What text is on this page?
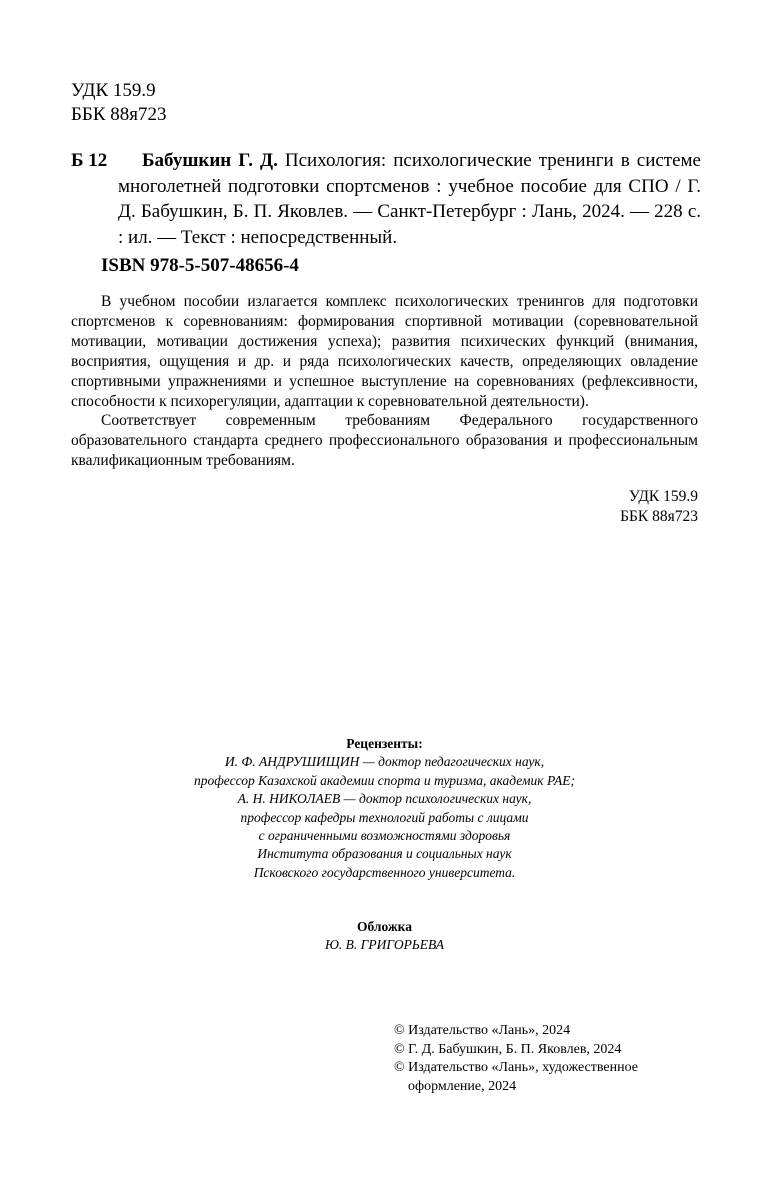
УДК 159.9
ББК 88я723
Б 12	Бабушкин Г. Д. Психология: психологические тренинги в системе многолетней подготовки спортсменов : учебное пособие для СПО / Г. Д. Бабушкин, Б. П. Яковлев. — Санкт-Петербург : Лань, 2024. — 228 с. : ил. — Текст : непосредственный.
ISBN 978-5-507-48656-4

В учебном пособии излагается комплекс психологических тренингов для подготовки спортсменов к соревнованиям: формирования спортивной мотивации (соревновательной мотивации, мотивации достижения успеха); развития психических функций (внимания, восприятия, ощущения и др. и ряда психологических качеств, определяющих овладение спортивными упражнениями и успешное выступление на соревнованиях (рефлексивности, способности к психорегуляции, адаптации к соревновательной деятельности).

Соответствует современным требованиям Федерального государственного образовательного стандарта среднего профессионального образования и профессиональным квалификационным требованиям.

УДК 159.9
ББК 88я723
Рецензенты:
И. Ф. АНДРУШИЩИН — доктор педагогических наук,
профессор Казахской академии спорта и туризма, академик РАЕ;
А. Н. НИКОЛАЕВ — доктор психологических наук,
профессор кафедры технологий работы с лицами
с ограниченными возможностями здоровья
Института образования и социальных наук
Псковского государственного университета.
Обложка
Ю. В. ГРИГОРЬЕВА
© Издательство «Лань», 2024
© Г. Д. Бабушкин, Б. П. Яковлев, 2024
© Издательство «Лань», художественное
оформление, 2024
